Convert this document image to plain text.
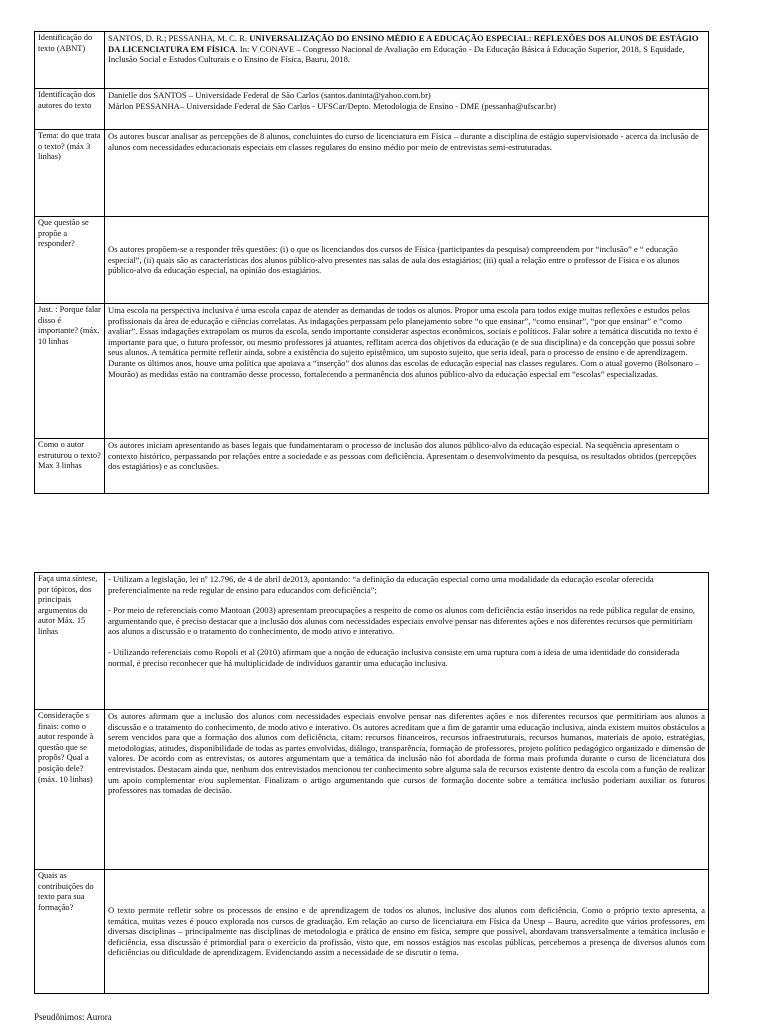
Identificação do texto (ABNT)	SANTOS, D. R.; PESSANHA, M. C. R. UNIVERSALIZAÇÃO DO ENSINO MÉDIO E A EDUCAÇÃO ESPECIAL: REFLEXÕES DOS ALUNOS DE ESTÁGIO DA LICENCIATURA EM FÍSICA. In: V CONAVE – Congresso Nacional de Avaliação em Educação - Da Educação Básica à Educação Superior, 2018, S Equidade, Inclusão Social e Estudos Culturais e o Ensino de Física, Bauru, 2018.
Identificação dos autores do texto	Danielle dos SANTOS – Universidade Federal de São Carlos (santos.daninta@yahoo.com.br)
Márlon PESSANHA– Universidade Federal de São Carlos - UFSCar/Depto. Metodologia de Ensino - DME (pessanha@ufscar.br)

Tema: do que trata o texto? (máx 3 linhas)	Os autores buscar analisar as percepções de 8 alunos, concluintes do curso de licenciatura em Física – durante a disciplina de estágio supervisionado - acerca da inclusão de alunos com necessidades educacionais especiais em classes regulares do ensino médio por meio de entrevistas semi-estruturadas.
Que questão se propõe a responder?	Os autores propõem-se a responder três questões: (i) o que os licenciandos dos cursos de Física (participantes da pesquisa) compreendem por “inclusão” e “ educação especial”, (ii) quais são as características dos alunos público-alvo presentes nas salas de aula dos estagiários; (iii) qual a relação entre o professor de Física e os alunos público-alvo da educação especial, na opinião dos estagiários.
Just. : Porque falar disso é importante? (máx. 10 linhas	Uma escola na perspectiva inclusiva é uma escola capaz de atender as demandas de todos os alunos. Propor uma escola para todos exige muitas reflexões e estudos pelos profissionais da área de educação e ciências correlatas. As indagações perpassam pelo planejamento sobre “o que ensinar”, “como ensinar”, “por que ensinar” e “como avaliar”. Essas indagações extrapolam os muros da escola, sendo importante considerar aspectos econômicos, sociais e políticos. Falar sobre a temática discutida no texto é importante para que, o futuro professor, ou mesmo professores já atuantes, reflitam acerca dos objetivos da educação (e de sua disciplina) e da concepção que possui sobre seus alunos. A temática permite refletir ainda, sobre a existência do sujeito epistêmico, um suposto sujeito, que seria ideal, para o processo de ensino e de aprendizagem. Durante os últimos anos, houve uma política que apoiava a “inserção” dos alunos das escolas de educação especial nas classes regulares. Com o atual governo (Bolsonaro – Mourão) as medidas estão na contramão desse processo, fortalecendo a permanência dos alunos público-alvo da educação especial em “escolas” especializadas.
Como o autor estruturou o texto? Max 3 linhas	Os autores iniciam apresentando as bases legais que fundamentaram o processo de inclusão dos alunos público-alvo da educação especial. Na sequência apresentam o contexto histórico, perpassando por relações entre a sociedade e as pessoas com deficiência. Apresentam o desenvolvimento da pesquisa, os resultados obtidos (percepções dos estagiários) e as conclusões.
Faça uma síntese, por tópicos, dos principais argumentos do autor Máx. 15 linhas	- Utilizam a legislação, lei nº 12.796, de 4 de abril de2013, apontando: “a definição da educação especial como uma modalidade da educação escolar oferecida preferencialmente na rede regular de ensino para educandos com deficiência”;

- Por meio de referenciais como Mantoan (2003) apresentam preocupações a respeito de como os alunos com deficiência estão inseridos na rede pública regular de ensino, argumentando que, é preciso destacar que a inclusão dos alunos com necessidades especiais envolve pensar nas diferentes ações e nos diferentes recursos que permitiriam aos alunos a discussão e o tratamento do conhecimento, de modo ativo e interativo.

- Utilizando referenciais como Ropoli et al (2010) afirmam que a noção de educação inclusiva consiste em uma ruptura com a ideia de uma identidade do considerada normal, é preciso reconhecer que há multiplicidade de indivíduos garantir uma educação inclusiva.

Consideraçõe s finais: como o autor responde à questão que se propôs? Qual a posição dele? (máx. 10 linhas)	Os autores afirmam que a inclusão dos alunos com necessidades especiais envolve pensar nas diferentes ações e nos diferentes recursos que permitiriam aos alunos a discussão e o tratamento do conhecimento, de modo ativo e interativo. Os autores acreditam que a fim de garantir uma educação inclusiva, ainda existem muitos obstáculos a serem vencidos para que a formação dos alunos com deficiência, citam: recursos financeiros, recursos infraestruturais, recursos humanos, materiais de apoio, estratégias, metodologias, atitudes, disponibilidade de todas as partes envolvidas, diálogo, transparência, formação de professores, projeto político pedagógico organizado e dimensão de valores. De acordo com as entrevistas, os autores argumentam que a temática da inclusão não foi abordada de forma mais profunda durante o curso de licenciatura dos entrevistados. Destacam ainda que, nenhum dos entrevistados mencionou ter conhecimento sobre alguma sala de recursos existente dentro da escola com a função de realizar um apoio complementar e/ou suplementar. Finalizam o artigo argumentando que cursos de formação docente sobre a temática inclusão poderiam auxiliar os futuros professores nas tomadas de decisão.
Quais as contribuições do texto para sua formação?	O texto permite refletir sobre os processos de ensino e de aprendizagem de todos os alunos, inclusive dos alunos com deficiência. Como o próprio texto apresenta, a temática, muitas vezes é pouco explorada nos cursos de graduação. Em relação ao curso de licenciatura em Física da Unesp – Bauru, acredito que vários professores, em diversas disciplinas – principalmente nas disciplinas de metodologia e prática de ensino em física, sempre que possível, abordavam transversalmente a temática inclusão e deficiência, essa discussão é primordial para o exercício da profissão, visto que, em nossos estágios nas escolas públicas, percebemos a presença de diversos alunos com deficiências ou dificuldade de aprendizagem. Evidenciando assim a necessidade de se discutir o tema.
Pseudônimos: Aurora
